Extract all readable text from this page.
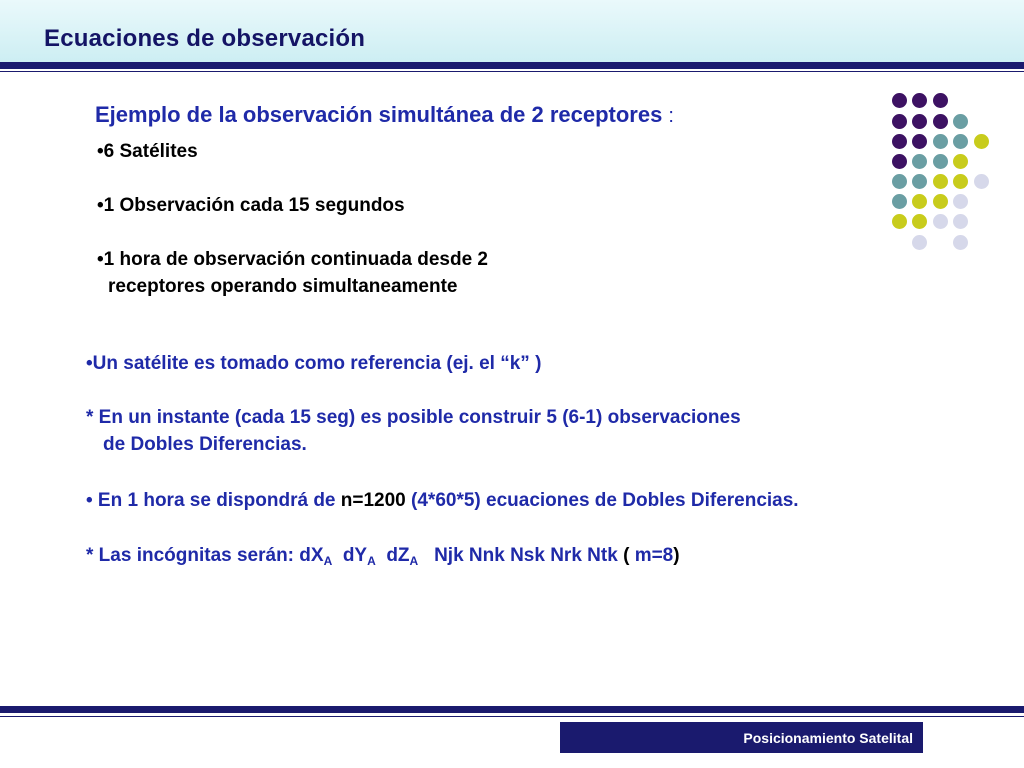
Ecuaciones de observación
Ejemplo de la observación simultánea de 2 receptores :
•6 Satélites
•1 Observación cada 15 segundos
•1 hora de observación continuada desde 2
receptores operando simultaneamente
•Un satélite es tomado como referencia (ej. el “k” )
* En un instante (cada 15 seg) es posible construir 5 (6-1) observaciones
de Dobles Diferencias.
• En 1 hora se dispondrá de n=1200 (4*60*5) ecuaciones de Dobles Diferencias.
* Las incógnitas serán: $dX_A$ $dY_A$ $dZ_A$ Njk Nnk Nsk Nrk Ntk ( m=8)
Posicionamiento Satelital
